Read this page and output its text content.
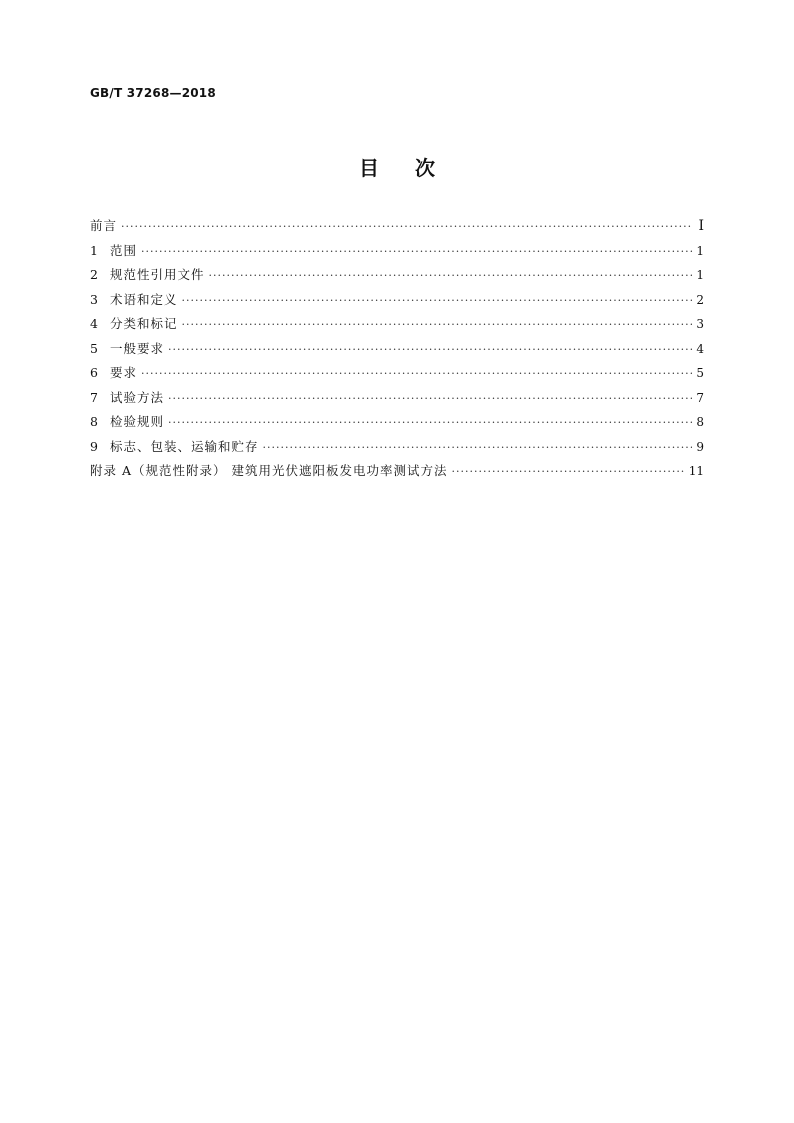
GB/T 37268—2018
目次
前言 ·····	Ⅰ
1 范围 ·····	1
2 规范性引用文件 ·····	1
3 术语和定义 ·····	2
4 分类和标记 ·····	3
5 一般要求 ·····	4
6 要求 ·····	5
7 试验方法 ·····	7
8 检验规则 ·····	8
9 标志、包装、运输和贮存 ·····	9
附录 A（规范性附录） 建筑用光伏遮阳板发电功率测试方法 ·····	11
